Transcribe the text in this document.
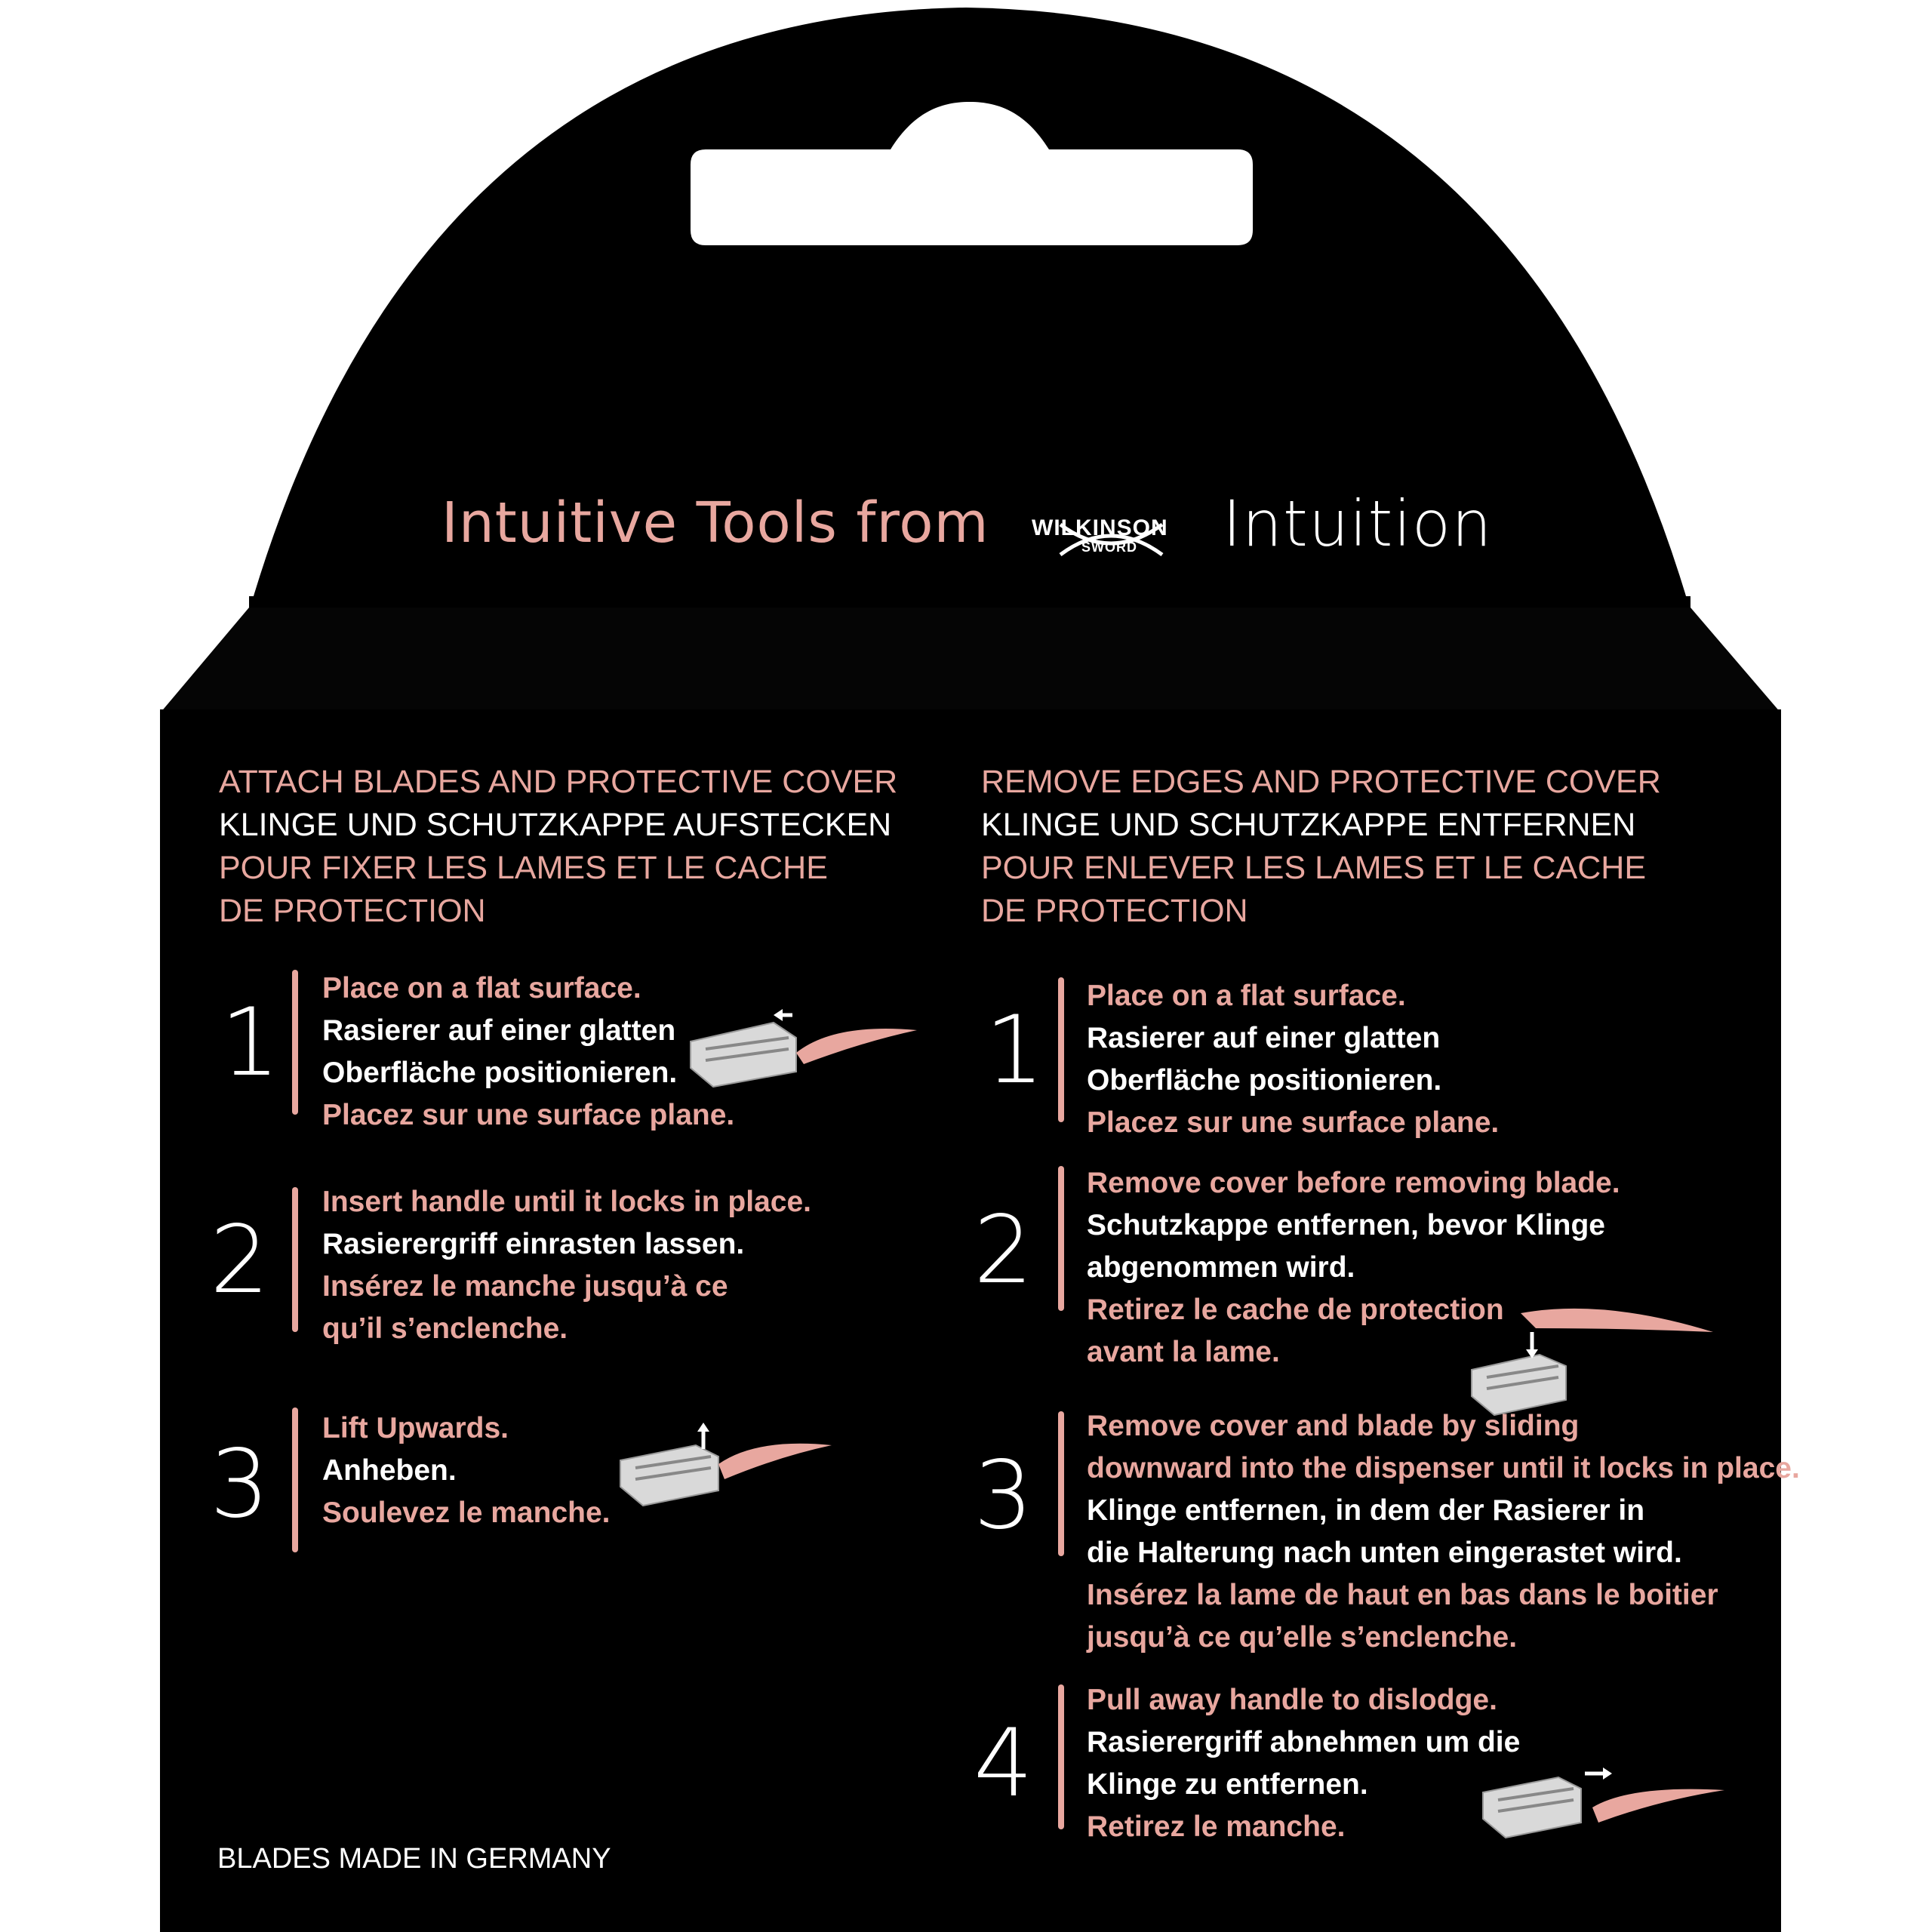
Intuitive Tools from WILKINSON

SWORD Intuition

ATTACH BLADES AND PROTECTIVE COVER

KLINGE UND SCHUTZKAPPE AUFSTECKEN

POUR FIXER LES LAMES ET LE CACHE

DE PROTECTION

REMOVE EDGES AND PROTECTIVE COVER

KLINGE UND SCHUTZKAPPE ENTFERNEN

POUR ENLEVER LES LAMES ET LE CACHE

DE PROTECTION

1

Place on a flat surface.
Rasierer auf einer glatten
Oberfläche positionieren.
Placez sur une surface plane.

2

Insert handle until it locks in place.
Rasierergriff einrasten lassen.
Insérez le manche jusqu’à ce
qu’il s’enclenche.

3

Lift Upwards.
Anheben.
Soulevez le manche.

1

Place on a flat surface.
Rasierer auf einer glatten
Oberfläche positionieren.
Placez sur une surface plane.

2

Remove cover before removing blade.
Schutzkappe entfernen, bevor Klinge
abgenommen wird.
Retirez le cache de protection
avant la lame.

3

Remove cover and blade by sliding
downward into the dispenser until it locks in place.
Klinge entfernen, in dem der Rasierer in
die Halterung nach unten eingerastet wird.
Insérez la lame de haut en bas dans le boitier
jusqu’à ce qu’elle s’enclenche.

4

Pull away handle to dislodge.
Rasierergriff abnehmen um die
Klinge zu entfernen.
Retirez le manche.

BLADES MADE IN GERMANY
